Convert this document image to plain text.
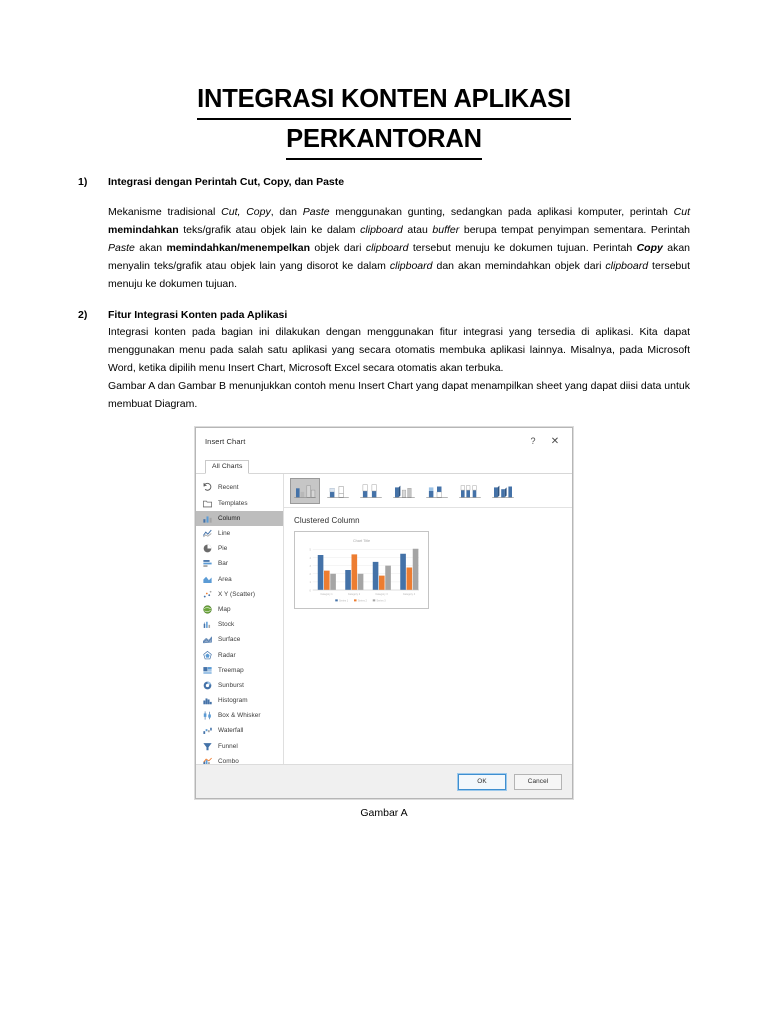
INTEGRASI KONTEN APLIKASI
PERKANTORAN
1)	Integrasi dengan Perintah Cut, Copy, dan Paste

Mekanisme tradisional Cut, Copy, dan Paste menggunakan gunting, sedangkan pada aplikasi komputer, perintah Cut memindahkan teks/grafik atau objek lain ke dalam clipboard atau buffer berupa tempat penyimpan sementara. Perintah Paste akan memindahkan/menempelkan objek dari clipboard tersebut menuju ke dokumen tujuan. Perintah Copy akan menyalin teks/grafik atau objek lain yang disorot ke dalam clipboard dan akan memindahkan objek dari clipboard tersebut menuju ke dokumen tujuan.

2)	Fitur Integrasi Konten pada Aplikasi

Integrasi konten pada bagian ini dilakukan dengan menggunakan fitur integrasi yang tersedia di aplikasi. Kita dapat menggunakan menu pada salah satu aplikasi yang secara otomatis membuka aplikasi lainnya. Misalnya, pada Microsoft Word, ketika dipilih menu Insert Chart, Microsoft Excel secara otomatis akan terbuka.

Gambar A dan Gambar B menunjukkan contoh menu Insert Chart yang dapat menampilkan sheet yang dapat diisi data untuk membuat Diagram.

Insert Chart	?	✕
All Charts
Recent
Templates
Column
Line
Pie
Bar
Area
X Y (Scatter)
Map
Stock
Surface
Radar
Treemap
Sunburst
Histogram
Box & Whisker
Waterfall
Funnel
Combo
Clustered Column
Chart Title
0
1
2
3
4
5
Category 1	Category 2	Category 3	Category 4
Series 1 Series 2 Series 3
OK	Cancel
Gambar A
